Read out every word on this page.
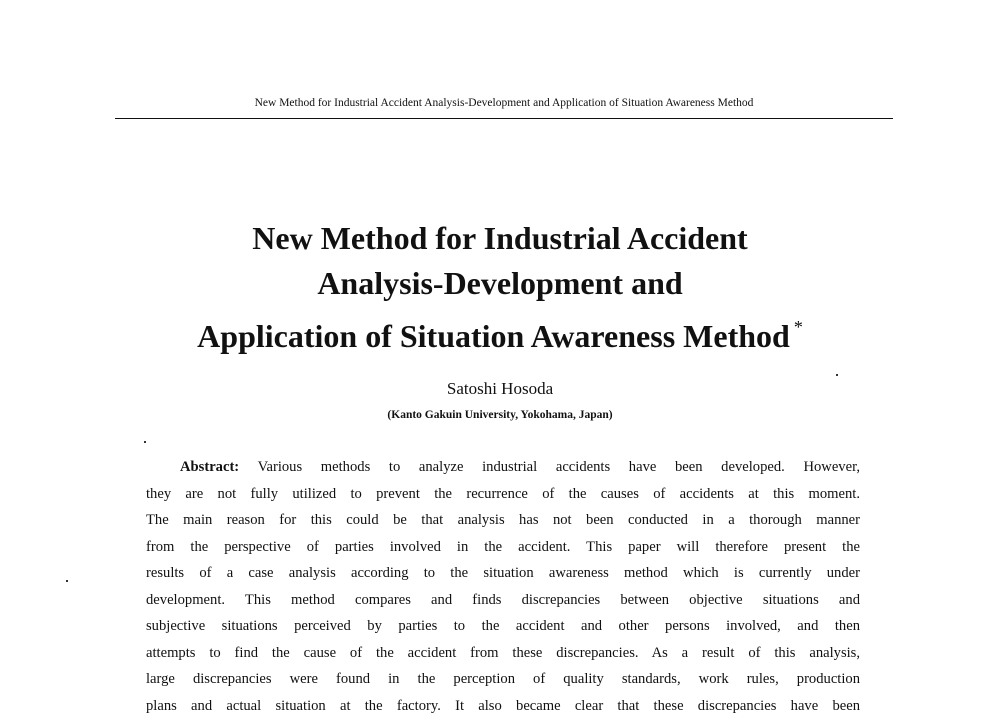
New Method for Industrial Accident Analysis-Development and Application of Situation Awareness Method
New Method for Industrial Accident
Analysis-Development and
Application of Situation Awareness Method *
Satoshi Hosoda
(Kanto Gakuin University, Yokohama, Japan)
Abstract: Various methods to analyze industrial accidents have been developed. However,
they are not fully utilized to prevent the recurrence of the causes of accidents at this moment.
The main reason for this could be that analysis has not been conducted in a thorough manner
from the perspective of parties involved in the accident. This paper will therefore present the
results of a case analysis according to the situation awareness method which is currently under
development. This method compares and finds discrepancies between objective situations and
subjective situations perceived by parties to the accident and other persons involved, and then
attempts to find the cause of the accident from these discrepancies. As a result of this analysis,
large discrepancies were found in the perception of quality standards, work rules, production
plans and actual situation at the factory. It also became clear that these discrepancies have been
